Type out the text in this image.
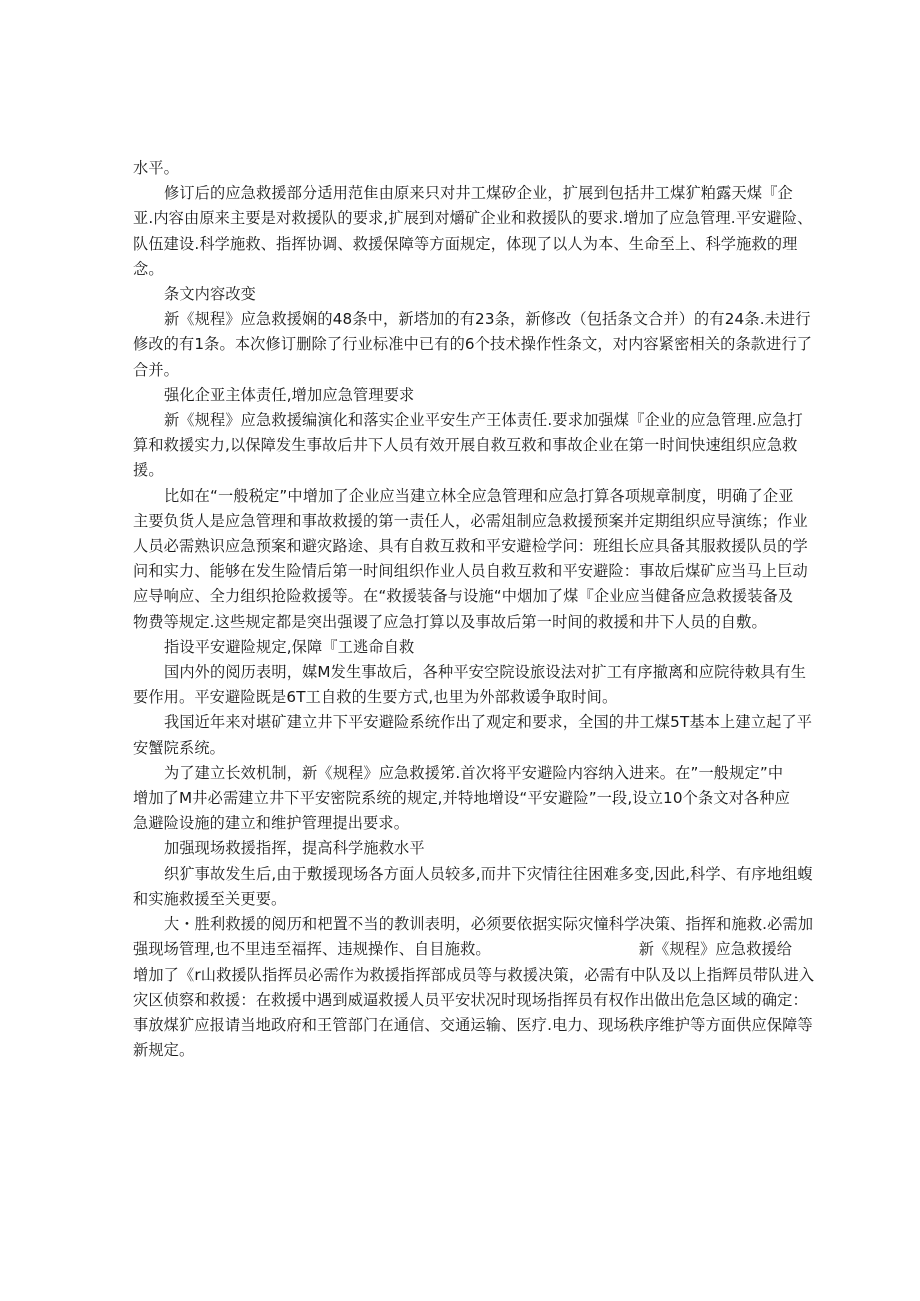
水平。
修订后的应急救援部分适用范隹由原来只对井工煤矽企业，扩展到包括井工煤犷粕露天煤『企
亚.内容由原来主要是对救援队的要求,扩展到对爝矿企业和救援队的要求.增加了应急管理.平安避险、
队伍建设.科学施救、指挥协调、救援保障等方面规定，体现了以人为本、生命至上、科学施救的理
念。
条文内容改变
新《规程》应急救援娴的48条中，新塔加的有23条，新修改（包括条文合并）的有24条.未进行
修改的有1条。本次修订删除了行业标准中已有的6个技术操作性条文，对内容紧密相关的条款进行了
合并。
强化企亚主体责任,增加应急管理要求
新《规程》应急救援编演化和落实企业平安生产王体责任.要求加强煤『企业的应急管理.应急打
算和救援实力,以保障发生事故后井下人员有效开展自救互救和事故企业在第一时间快速组织应急救
援。
比如在“一般税定”中增加了企业应当建立林全应急管理和应急打算各项规章制度，明确了企亚
主要负货人是应急管理和事故救援的第一责任人，必需俎制应急救援预案并定期组织应导演练；作业
人员必需熟识应急预案和避灾路途、具有自救互救和平安避检学问：班组长应具备其服救援队员的学
问和实力、能够在发生险情后第一时间组织作业人员自救互救和平安避险：事故后煤矿应当马上巨动
应导响应、全力组织抢险救援等。在“救援装备与设施“中烟加了煤『企业应当健备应急救援装备及
物费等规定.这些规定都是突出强谡了应急打算以及事故后第一时间的救援和井下人员的自敷。
指设平安避险规定,保障『工逃命自救
国内外的阅历表明，媒M发生事故后，各种平安空院设旅设法对扩工有序撤离和应院待敕具有生
要作用。平安避险既是6T工自救的生要方式,也里为外部救谖争取时间。
我国近年来对堪矿建立井下平安避险系统作出了观定和要求，全国的井工煤5T基本上建立起了平
安蟹院系统。
为了建立长效机制，新《规程》应急救援笫.首次将平安避险内容纳入进来。在”一般规定”中
增加了M井必需建立井下平安密院系统的规定,并特地增设“平安避险”一段,设立10个条文对各种应
急避险设施的建立和维护管理提出要求。
加强现场救援指挥，提高科学施救水平
织犷事故发生后,由于敷援现场各方面人员较多,而井下灾情往往困难多变,因此,科学、有序地组蝮
和实施救援至关更要。
大・胜利救援的阅历和杷置不当的教训表明，必须要依据实际灾憧科学决策、指挥和施救.必需加
强现场管理,也不里违至福挥、违规操作、自目施救。	新《规程》应急救援给
增加了《r山救援队指挥员必需作为救援指挥部成员等与救援决策，必需有中队及以上指辉员带队进入
灾区侦察和救援：在救援中遇到威逼救援人员平安状况时现场指挥员有权作出做出危急区域的确定：
事放煤犷应报请当地政府和王管部门在通信、交通运输、医疗.电力、现场秩序维护等方面供应保障等
新规定。
